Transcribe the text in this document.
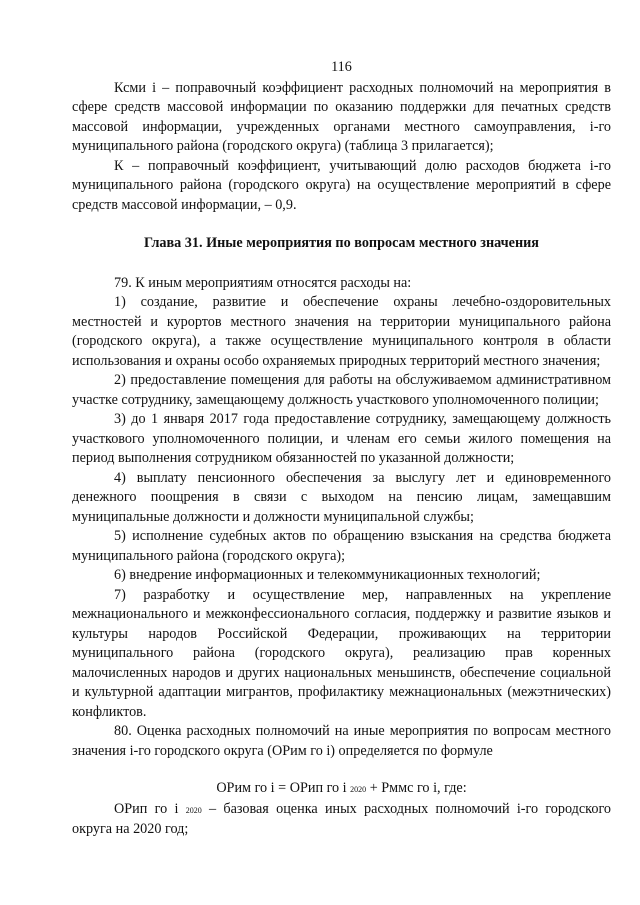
116

Ксми i – поправочный коэффициент расходных полномочий на мероприятия в сфере средств массовой информации по оказанию поддержки для печатных средств массовой информации, учрежденных органами местного самоуправления, i-го муниципального района (городского округа) (таблица 3 прилагается);

К – поправочный коэффициент, учитывающий долю расходов бюджета i-го муниципального района (городского округа) на осуществление мероприятий в сфере средств массовой информации, – 0,9.

Глава 31. Иные мероприятия по вопросам местного значения

79. К иным мероприятиям относятся расходы на:

1) создание, развитие и обеспечение охраны лечебно-оздоровительных местностей и курортов местного значения на территории муниципального района (городского округа), а также осуществление муниципального контроля в области использования и охраны особо охраняемых природных территорий местного значения;

2) предоставление помещения для работы на обслуживаемом административном участке сотруднику, замещающему должность участкового уполномоченного полиции;

3) до 1 января 2017 года предоставление сотруднику, замещающему должность участкового уполномоченного полиции, и членам его семьи жилого помещения на период выполнения сотрудником обязанностей по указанной должности;

4) выплату пенсионного обеспечения за выслугу лет и единовременного денежного поощрения в связи с выходом на пенсию лицам, замещавшим муниципальные должности и должности муниципальной службы;

5) исполнение судебных актов по обращению взыскания на средства бюджета муниципального района (городского округа);

6) внедрение информационных и телекоммуникационных технологий;

7) разработку и осуществление мер, направленных на укрепление межнационального и межконфессионального согласия, поддержку и развитие языков и культуры народов Российской Федерации, проживающих на территории муниципального района (городского округа), реализацию прав коренных малочисленных народов и других национальных меньшинств, обеспечение социальной и культурной адаптации мигрантов, профилактику межнациональных (межэтнических) конфликтов.

80. Оценка расходных полномочий на иные мероприятия по вопросам местного значения i-го городского округа (ОРим го i) определяется по формуле

ОРим го i = ОРип го i 2020 + Рммс го i, где:

ОРип го i 2020 – базовая оценка иных расходных полномочий i-го городского округа на 2020 год;
